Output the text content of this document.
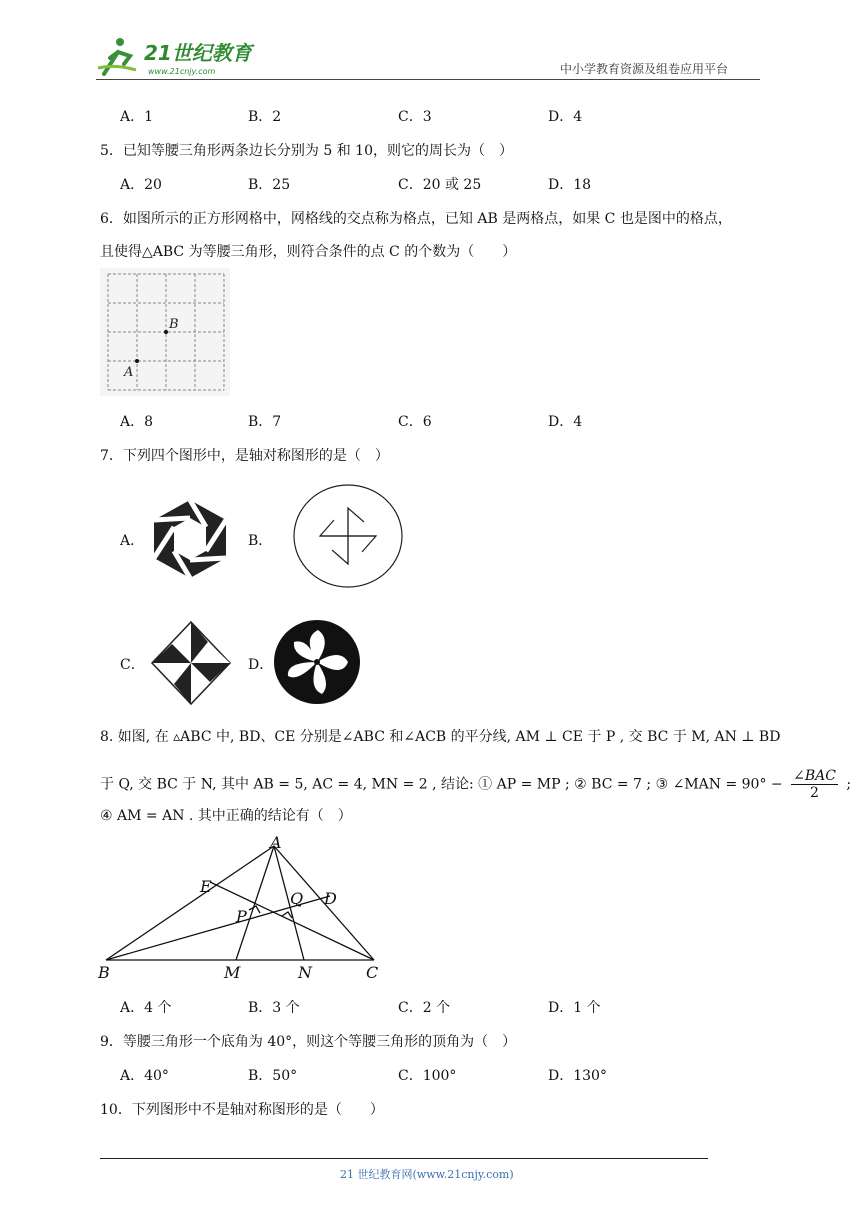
21世纪教育
www.21cnjy.com	中小学教育资源及组卷应用平台
A．1	B．2	C．3	D．4
5．已知等腰三角形两条边长分别为 5 和 10，则它的周长为（　）
A．20	B．25	C．20 或 25	D．18
6．如图所示的正方形网格中，网格线的交点称为格点，已知 AB 是两格点，如果 C 也是图中的格点，
且使得△ABC 为等腰三角形，则符合条件的点 C 的个数为（　　）
A
B
A．8	B．7	C．6	D．4
7．下列四个图形中，是轴对称图形的是（　）
A．	B．
C．	D．
8. 如图, 在 ▵ABC 中, BD、CE 分别是∠ABC 和∠ACB 的平分线, AM ⊥ CE 于 P , 交 BC 于 M, AN ⊥ BD
于 Q, 交 BC 于 N, 其中 AB = 5, AC = 4, MN = 2 , 结论: ① AP = MP ; ② BC = 7 ; ③ ∠MAN = 90° −
∠BAC
2
;
④ AM = AN . 其中正确的结论有（　）
A
B	C
D
E
M	N
P
Q
A．4 个	B．3 个	C．2 个	D．1 个
9．等腰三角形一个底角为 40°，则这个等腰三角形的顶角为（　）
A．40°	B．50°	C．100°	D．130°
10．下列图形中不是轴对称图形的是（　　）
21 世纪教育网(www.21cnjy.com)
